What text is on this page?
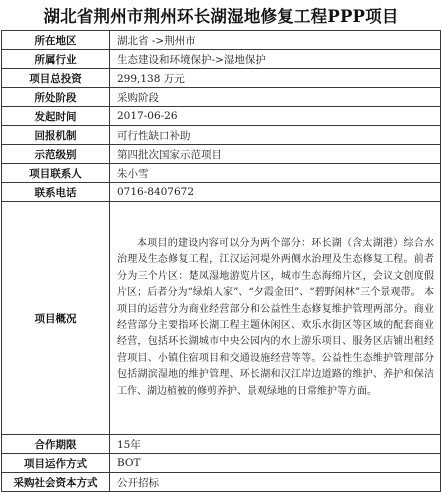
湖北省荆州市荆州环长湖湿地修复工程PPP项目
所在地区	湖北省 ->荆州市
所属行业	生态建设和环境保护->湿地保护
项目总投资	299,138 万元
所处阶段	采购阶段
发起时间	2017-06-26
回报机制	可行性缺口补助
示范级别	第四批次国家示范项目
项目联系人	朱小雪
联系电话	0716-8407672
项目概况	本项目的建设内容可以分为两个部分：环长湖（含太湖港）综合水治理及生态修复工程，江汉运河堤外两侧水治理及生态修复工程。前者分为三个片区：楚凤湿地游览片区，城市生态海绵片区，会议文创度假片区；后者分为“绿焰人家”、“夕霞金田”、“碧野闲林”三个景观带。 本项目的运营分为商业经营部分和公益性生态修复维护管理两部分。商业经营部分主要指环长湖工程主题休闲区、欢乐水街区等区域的配套商业经营，包括环长湖城市中央公园内的水上游乐项目、服务区店铺出租经营项目、小镇住宿项目和交通设施经营等等。公益性生态维护管理部分包括湖滨湿地的维护管理、环长湖和汉江岸边道路的维护、养护和保洁工作、湖边植被的修剪养护、景观绿地的日常维护等方面。
合作期限	15年
项目运作方式	BOT
采购社会资本方式	公开招标
